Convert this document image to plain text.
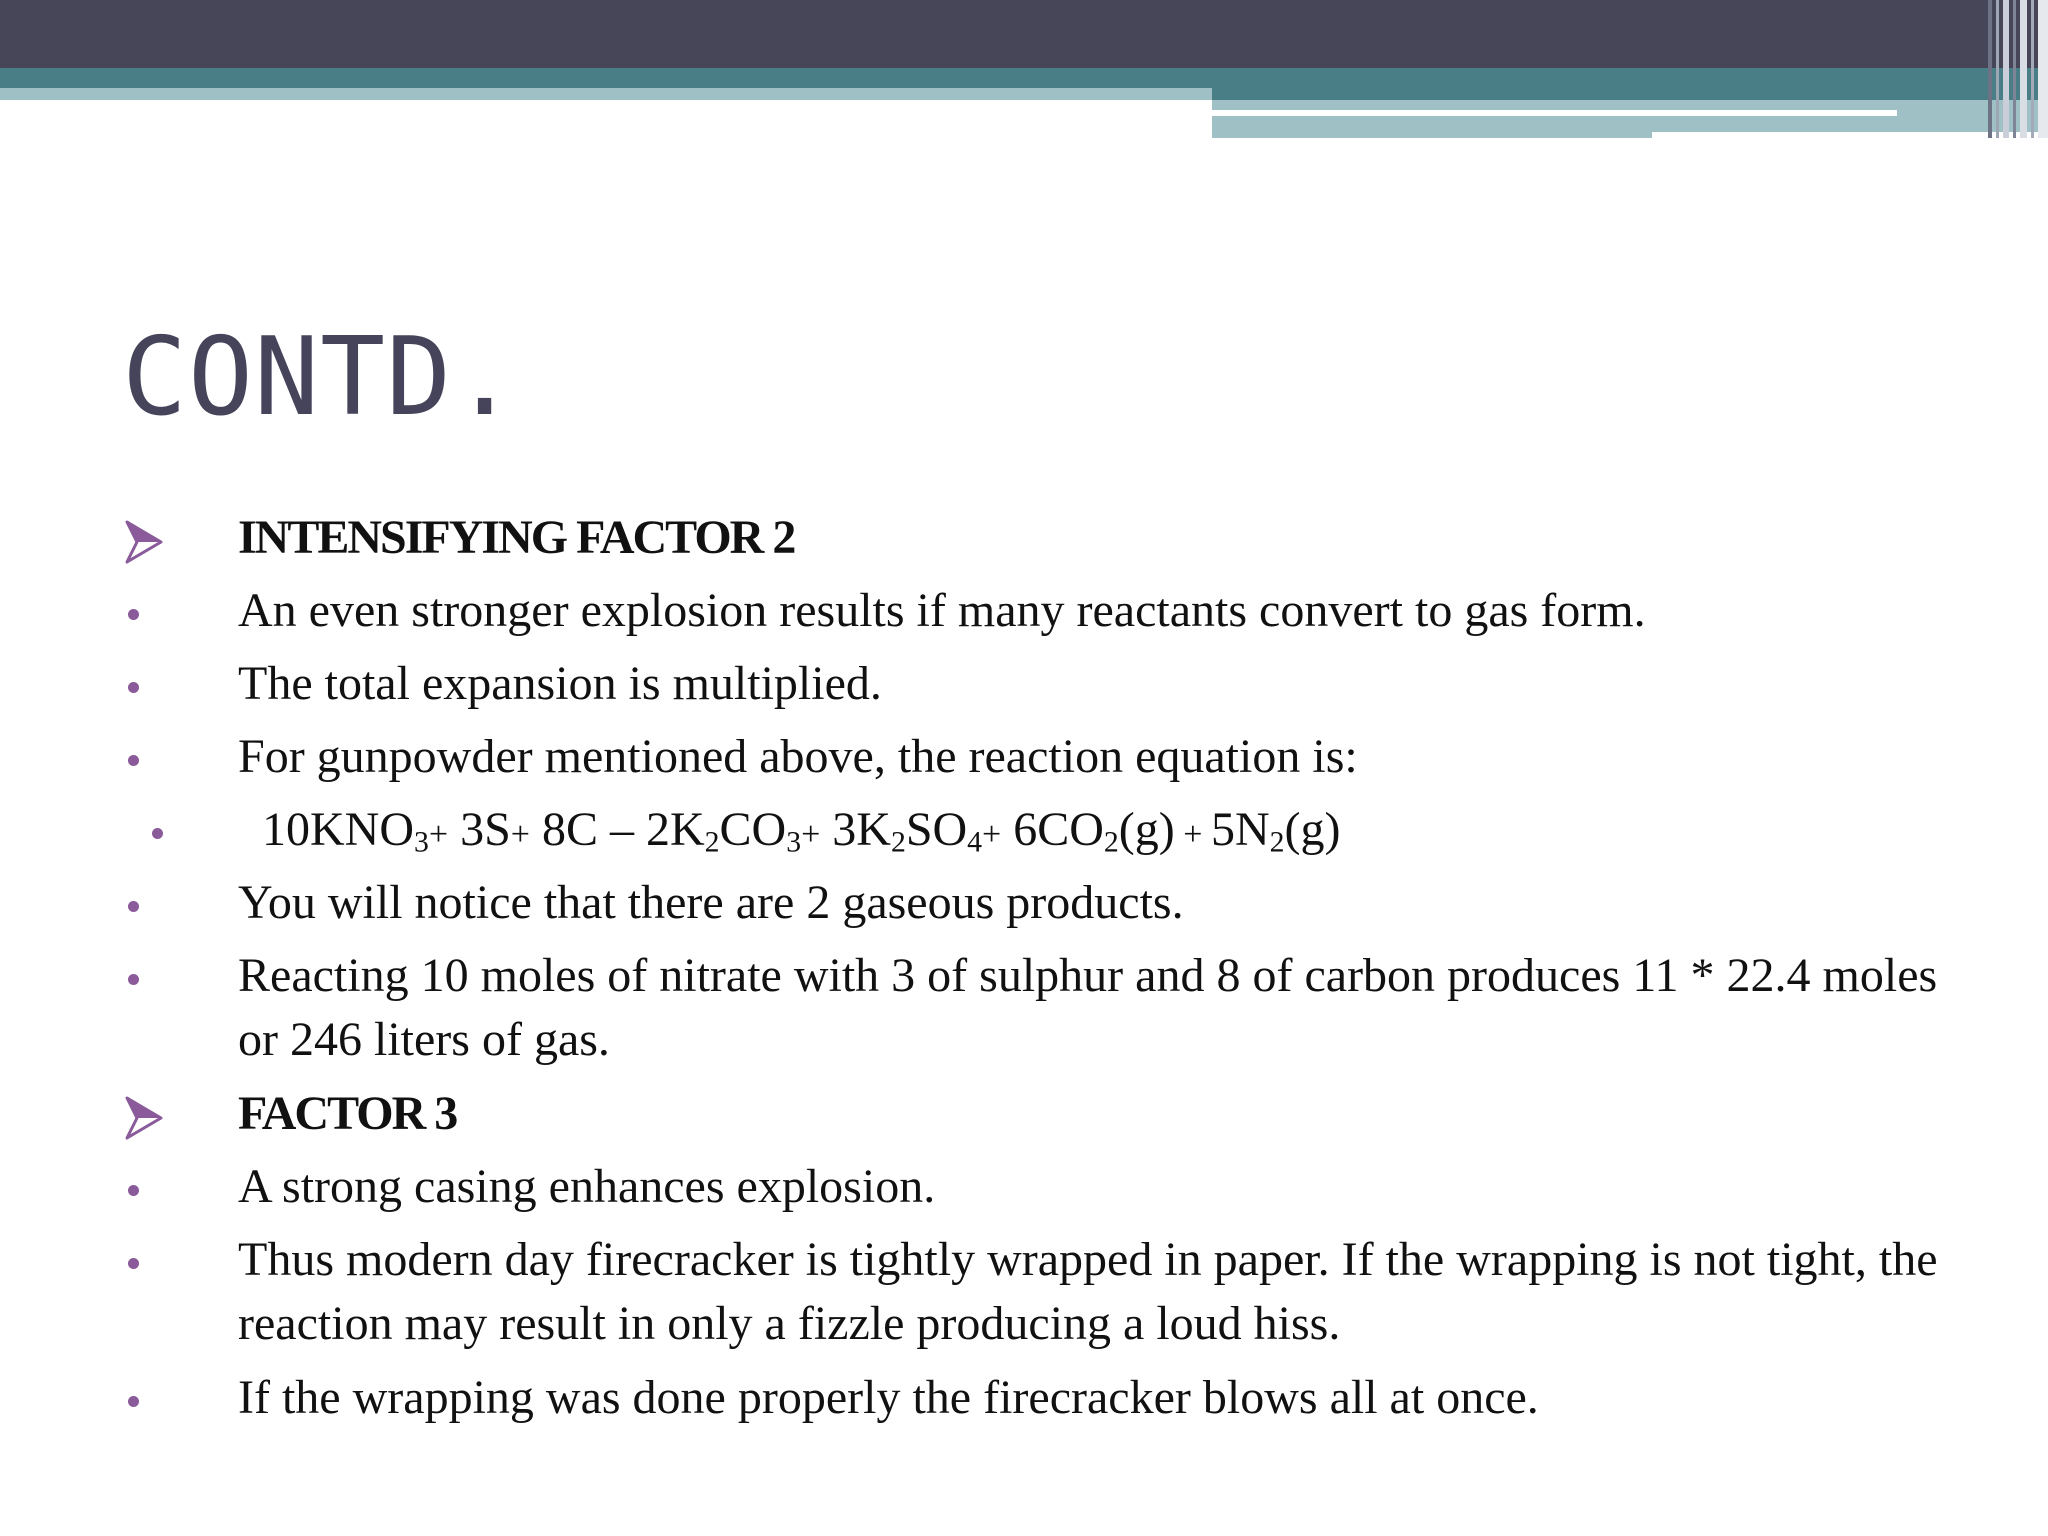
CONTD.
INTENSIFYING FACTOR 2
An even stronger explosion results if many reactants convert to gas form.
The total expansion is multiplied.
For gunpowder mentioned above, the reaction equation is:
$10KNO_3+ 3S+ 8C - 2K_2CO_3+ 3K_2SO_4+ 6CO_2(g) + 5N_2(g)$
You will notice that there are 2 gaseous products.
Reacting 10 moles of nitrate with 3 of sulphur and 8 of carbon produces 11 * 22.4 moles or 246 liters of gas.
FACTOR 3
A strong casing enhances explosion.
Thus modern day firecracker is tightly wrapped in paper. If the wrapping is not tight, the reaction may result in only a fizzle producing a loud hiss.
If the wrapping was done properly the firecracker blows all at once.
